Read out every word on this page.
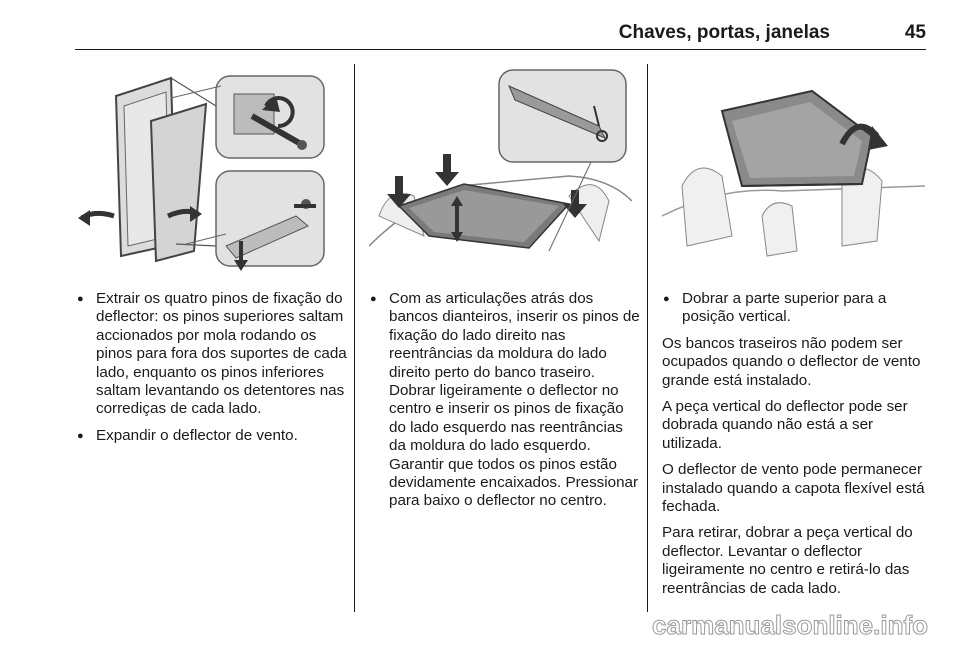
Chaves, portas, janelas	45

● Extrair os quatro pinos de fixação do deflector: os pinos superiores saltam accionados por mola rodando os pinos para fora dos suportes de cada lado, enquanto os pinos inferiores saltam levantando os detentores nas corrediças de cada lado.

● Expandir o deflector de vento.

● Com as articulações atrás dos bancos dianteiros, inserir os pinos de fixação do lado direito nas reentrâncias da moldura do lado direito perto do banco traseiro. Dobrar ligeiramente o deflector no centro e inserir os pinos de fixação do lado esquerdo nas reentrâncias da moldura do lado esquerdo. Garantir que todos os pinos estão devidamente encaixados. Pressionar para baixo o deflector no centro.

● Dobrar a parte superior para a posição vertical.

Os bancos traseiros não podem ser ocupados quando o deflector de vento grande está instalado.

A peça vertical do deflector pode ser dobrada quando não está a ser utilizada.

O deflector de vento pode permanecer instalado quando a capota flexível está fechada.

Para retirar, dobrar a peça vertical do deflector. Levantar o deflector ligeiramente no centro e retirá-lo das reentrâncias de cada lado.

carmanualsonline.info
